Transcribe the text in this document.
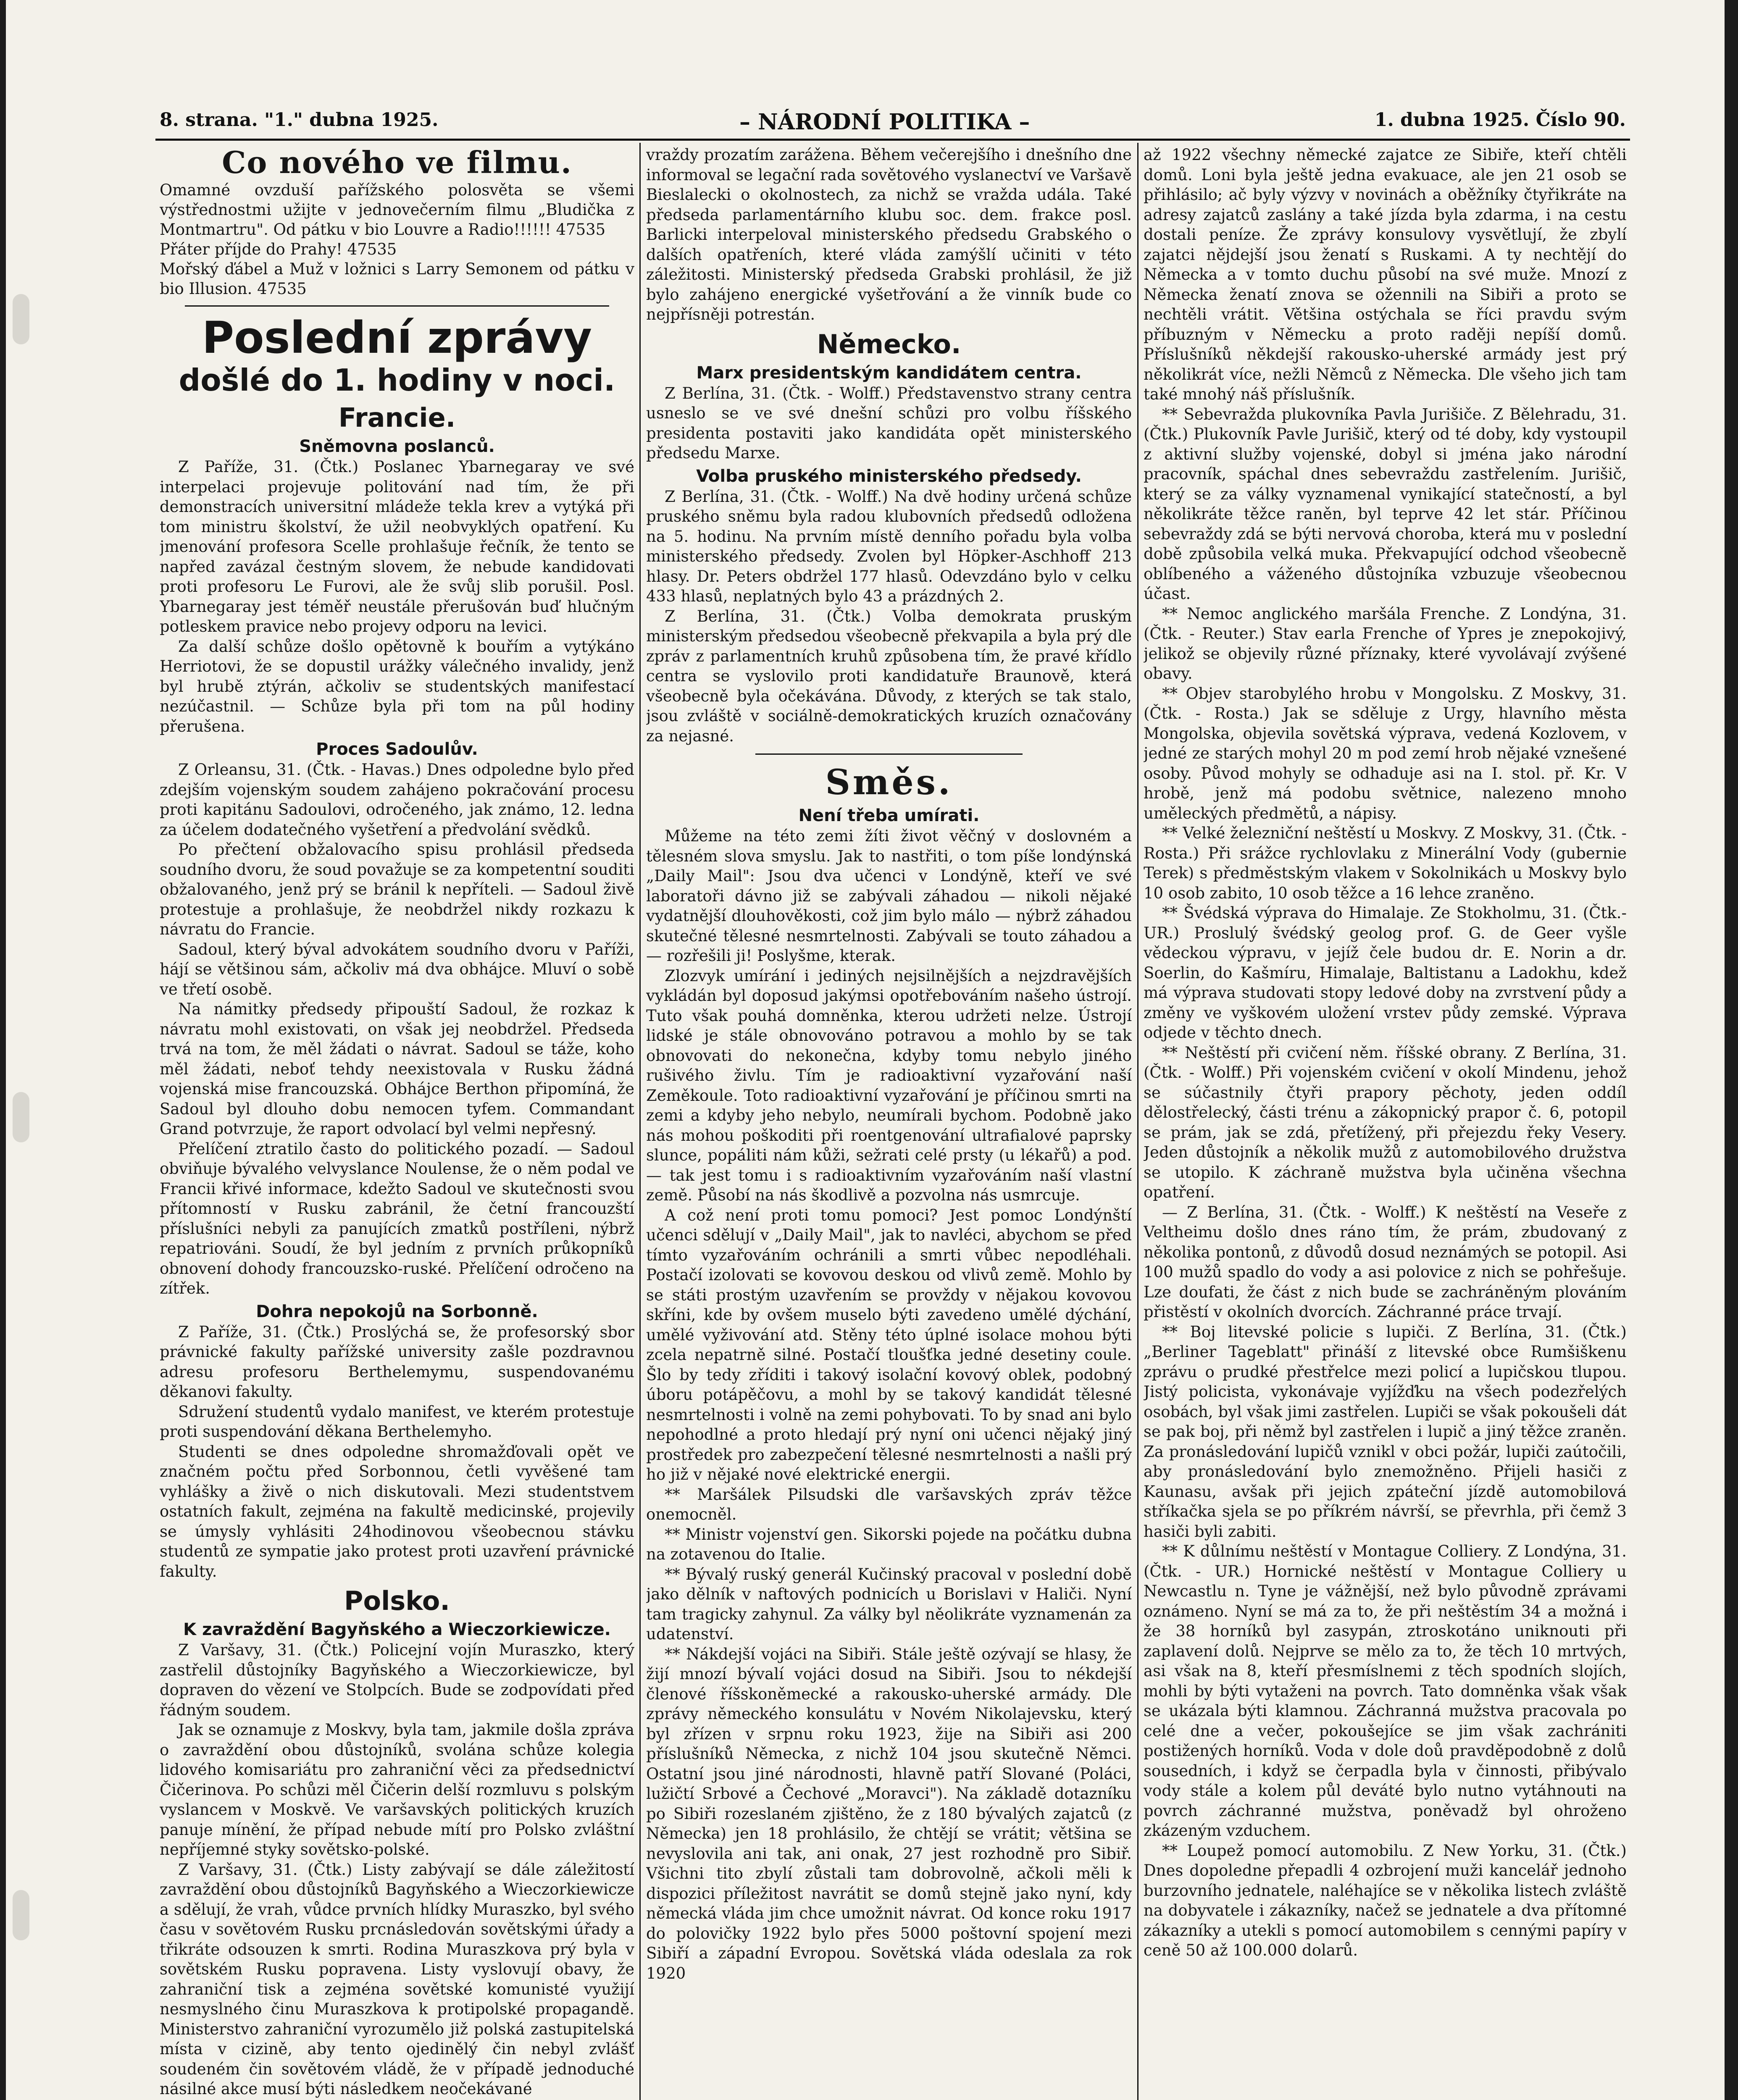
8. strana. "1." dubna 1925.	– NÁRODNÍ POLITIKA –	1. dubna 1925. Číslo 90.

Co nového ve filmu.

Omamné ovzduší pařížského polosvěta se všemi výstřednostmi užijte v jednovečerním filmu „Bludička z Montmartru". Od pátku v bio Louvre a Radio!!!!!! 47535

Přáter příjde do Prahy! 47535

Mořský ďábel a Muž v ložnici s Larry Semonem od pátku v bio Illusion. 47535

Poslední zprávy

došlé do 1. hodiny v noci.

Francie.

Sněmovna poslanců.

Z Paříže, 31. (Čtk.) Poslanec Ybarnegaray ve své interpelaci projevuje politování nad tím, že při demonstracích universitní mládeže tekla krev a vytýká při tom ministru školství, že užil neobvyklých opatření. Ku jmenování profesora Scelle prohlašuje řečník, že tento se napřed zavázal čestným slovem, že nebude kandidovati proti profesoru Le Furovi, ale že svůj slib porušil. Posl. Ybarnegaray jest téměř neustále přerušován buď hlučným potleskem pravice nebo projevy odporu na levici.

Za další schůze došlo opětovně k bouřím a vytýkáno Herriotovi, že se dopustil urážky válečného invalidy, jenž byl hrubě ztýrán, ačkoliv se studentských manifestací nezúčastnil. — Schůze byla při tom na půl hodiny přerušena.

Proces Sadoulův.

Z Orleansu, 31. (Čtk. - Havas.) Dnes odpoledne bylo před zdejším vojenským soudem zahájeno pokračování procesu proti kapitánu Sadoulovi, odročeného, jak známo, 12. ledna za účelem dodatečného vyšetření a předvolání svědků.

Po přečtení obžalovacího spisu prohlásil předseda soudního dvoru, že soud považuje se za kompetentní souditi obžalovaného, jenž prý se bránil k nepříteli. — Sadoul živě protestuje a prohlašuje, že neobdržel nikdy rozkazu k návratu do Francie.

Sadoul, který býval advokátem soudního dvoru v Paříži, hájí se většinou sám, ačkoliv má dva obhájce. Mluví o sobě ve třetí osobě.

Na námitky předsedy připouští Sadoul, že rozkaz k návratu mohl existovati, on však jej neobdržel. Předseda trvá na tom, že měl žádati o návrat. Sadoul se táže, koho měl žádati, neboť tehdy neexistovala v Rusku žádná vojenská mise francouzská. Obhájce Berthon připomíná, že Sadoul byl dlouho dobu nemocen tyfem. Commandant Grand potvrzuje, že raport odvolací byl velmi nepřesný.

Přelíčení ztratilo často do politického pozadí. — Sadoul obviňuje bývalého velvyslance Noulense, že o něm podal ve Francii křivé informace, kdežto Sadoul ve skutečnosti svou přítomností v Rusku zabránil, že četní francouzští příslušníci nebyli za panujících zmatků postříleni, nýbrž repatriováni. Soudí, že byl jedním z prvních průkopníků obnovení dohody francouzsko-ruské. Přelíčení odročeno na zítřek.

Dohra nepokojů na Sorbonně.

Z Paříže, 31. (Čtk.) Proslýchá se, že profesorský sbor právnické fakulty pařížské university zašle pozdravnou adresu profesoru Berthelemymu, suspendovanému děkanovi fakulty.

Sdružení studentů vydalo manifest, ve kterém protestuje proti suspendování děkana Berthelemyho.

Studenti se dnes odpoledne shromažďovali opět ve značném počtu před Sorbonnou, četli vyvěšené tam vyhlášky a živě o nich diskutovali. Mezi studentstvem ostatních fakult, zejména na fakultě medicinské, projevily se úmysly vyhlásiti 24hodinovou všeobecnou stávku studentů ze sympatie jako protest proti uzavření právnické fakulty.

Polsko.

K zavraždění Bagyňského a Wieczorkiewicze.

Z Varšavy, 31. (Čtk.) Policejní vojín Muraszko, který zastřelil důstojníky Bagyňského a Wieczorkiewicze, byl dopraven do vězení ve Stolpcích. Bude se zodpovídati před řádným soudem.

Jak se oznamuje z Moskvy, byla tam, jakmile došla zpráva o zavraždění obou důstojníků, svolána schůze kolegia lidového komisariátu pro zahraniční věci za předsednictví Čičerinova. Po schůzi měl Čičerin delší rozmluvu s polským vyslancem v Moskvě. Ve varšavských politických kruzích panuje mínění, že případ nebude mítí pro Polsko zvláštní nepříjemné styky sovětsko-polské.

Z Varšavy, 31. (Čtk.) Listy zabývají se dále záležitostí zavraždění obou důstojníků Bagyňského a Wieczorkiewicze a sdělují, že vrah, vůdce prvních hlídky Muraszko, byl svého času v sovětovém Rusku prcnásledován sovětskými úřady a třikráte odsouzen k smrti. Rodina Muraszkova prý byla v sovětském Rusku popravena. Listy vyslovují obavy, že zahraniční tisk a zejména sovětské komunisté využijí nesmyslného činu Muraszkova k protipolské propagandě. Ministerstvo zahraniční vyrozumělo již polská zastupitelská místa v cizině, aby tento ojedinělý čin nebyl zvlášť soudeném čin sovětovém vládě, že v případě jednoduché násilné akce musí býti následkem neočekávané

vraždy prozatím zarážena. Během večerejšího i dnešního dne informoval se legační rada sovětového vyslanectví ve Varšavě Bieslalecki o okolnostech, za nichž se vražda udála. Také předseda parlamentárního klubu soc. dem. frakce posl. Barlicki interpeloval ministerského předsedu Grabského o dalších opatřeních, které vláda zamýšlí učiniti v této záležitosti. Ministerský předseda Grabski prohlásil, že již bylo zahájeno energické vyšetřování a že vinník bude co nejpřísněji potrestán.

Německo.

Marx presidentským kandidátem centra.

Z Berlína, 31. (Čtk. - Wolff.) Představenstvo strany centra usneslo se ve své dnešní schůzi pro volbu říšského presidenta postaviti jako kandidáta opět ministerského předsedu Marxe.

Volba pruského ministerského předsedy.

Z Berlína, 31. (Čtk. - Wolff.) Na dvě hodiny určená schůze pruského sněmu byla radou klubovních předsedů odložena na 5. hodinu. Na prvním místě denního pořadu byla volba ministerského předsedy. Zvolen byl Höpker-Aschhoff 213 hlasy. Dr. Peters obdržel 177 hlasů. Odevzdáno bylo v celku 433 hlasů, neplatných bylo 43 a prázdných 2.

Z Berlína, 31. (Čtk.) Volba demokrata pruským ministerským předsedou všeobecně překvapila a byla prý dle zpráv z parlamentních kruhů způsobena tím, že pravé křídlo centra se vyslovilo proti kandidatuře Braunově, která všeobecně byla očekávána. Důvody, z kterých se tak stalo, jsou zvláště v sociálně-demokratických kruzích označovány za nejasné.

Směs.

Není třeba umírati.

Můžeme na této zemi žíti život věčný v doslovném a tělesném slova smyslu. Jak to nastřiti, o tom píše londýnská „Daily Mail": Jsou dva učenci v Londýně, kteří ve své laboratoři dávno již se zabývali záhadou — nikoli nějaké vydatnější dlouhověkosti, což jim bylo málo — nýbrž záhadou skutečné tělesné nesmrtelnosti. Zabývali se touto záhadou a — rozřešili ji! Poslyšme, kterak.

Zlozvyk umírání i jediných nejsilnějších a nejzdravějších vykládán byl doposud jakýmsi opotřebováním našeho ústrojí. Tuto však pouhá domněnka, kterou udržeti nelze. Ústrojí lidské je stále obnovováno potravou a mohlo by se tak obnovovati do nekonečna, kdyby tomu nebylo jiného rušivého živlu. Tím je radioaktivní vyzařování naší Zeměkoule. Toto radioaktivní vyzařování je příčinou smrti na zemi a kdyby jeho nebylo, neumírali bychom. Podobně jako nás mohou poškoditi při roentgenování ultrafialové paprsky slunce, popáliti nám kůži, sežrati celé prsty (u lékařů) a pod. — tak jest tomu i s radioaktivním vyzařováním naší vlastní země. Působí na nás škodlivě a pozvolna nás usmrcuje.

A což není proti tomu pomoci? Jest pomoc Londýnští učenci sdělují v „Daily Mail", jak to navléci, abychom se před tímto vyzařováním ochránili a smrti vůbec nepodléhali. Postačí izolovati se kovovou deskou od vlivů země. Mohlo by se státi prostým uzavřením se provždy v nějakou kovovou skříni, kde by ovšem muselo býti zavedeno umělé dýchání, umělé vyživování atd. Stěny této úplné isolace mohou býti zcela nepatrně silné. Postačí tloušťka jedné desetiny coule. Šlo by tedy zříditi i takový isolační kovový oblek, podobný úboru potápěčovu, a mohl by se takový kandidát tělesné nesmrtelnosti i volně na zemi pohybovati. To by snad ani bylo nepohodlné a proto hledají prý nyní oni učenci nějaký jiný prostředek pro zabezpečení tělesné nesmrtelnosti a našli prý ho již v nějaké nové elektrické energii.

** Maršálek Pilsudski dle varšavských zpráv těžce onemocněl.

** Ministr vojenství gen. Sikorski pojede na počátku dubna na zotavenou do Italie.

** Bývalý ruský generál Kučinský pracoval v poslední době jako dělník v naftových podnicích u Borislavi v Haliči. Nyní tam tragicky zahynul. Za války byl něolikráte vyznamenán za udatenství.

** Nákdejší vojáci na Sibiři. Stále ještě ozývají se hlasy, že žijí mnozí bývalí vojáci dosud na Sibiři. Jsou to nékdejší členové říšskoněmecké a rakousko-uherské armády. Dle zprávy německého konsulátu v Novém Nikolajevsku, který byl zřízen v srpnu roku 1923, žije na Sibiři asi 200 příslušníků Německa, z nichž 104 jsou skutečně Němci. Ostatní jsou jiné národnosti, hlavně patří Slované (Poláci, lužičtí Srbové a Čechové „Moravci"). Na základě dotazníku po Sibiři rozeslaném zjištěno, že z 180 bývalých zajatců (z Německa) jen 18 prohlásilo, že chtějí se vrátit; většina se nevyslovila ani tak, ani onak, 27 jest rozhodně pro Sibiř. Všichni tito zbylí zůstali tam dobrovolně, ačkoli měli k dispozici příležitost navrátit se domů stejně jako nyní, kdy německá vláda jim chce umožnit návrat. Od konce roku 1917 do polovičky 1922 bylo přes 5000 poštovní spojení mezi Sibiří a západní Evropou. Sovětská vláda odeslala za rok 1920

až 1922 všechny německé zajatce ze Sibiře, kteří chtěli domů. Loni byla ještě jedna evakuace, ale jen 21 osob se přihlásilo; ač byly výzvy v novinách a oběžníky čtyřikráte na adresy zajatců zaslány a také jízda byla zdarma, i na cestu dostali peníze. Že zprávy konsulovy vysvětlují, že zbylí zajatci nějdejší jsou ženatí s Ruskami. A ty nechtějí do Německa a v tomto duchu působí na své muže. Mnozí z Německa ženatí znova se ožennili na Sibiři a proto se nechtěli vrátit. Většina ostýchala se říci pravdu svým příbuzným v Německu a proto raději nepíší domů. Příslušníků někdejší rakousko-uherské armády jest prý několikrát více, nežli Němců z Německa. Dle všeho jich tam také mnohý náš příslušník.

** Sebevražda plukovníka Pavla Jurišiče. Z Bělehradu, 31. (Čtk.) Plukovník Pavle Jurišič, který od té doby, kdy vystoupil z aktivní služby vojenské, dobyl si jména jako národní pracovník, spáchal dnes sebevraždu zastřelením. Jurišič, který se za války vyznamenal vynikající statečností, a byl několikráte těžce raněn, byl teprve 42 let stár. Příčinou sebevraždy zdá se býti nervová choroba, která mu v poslední době způsobila velká muka. Překvapující odchod všeobecně oblíbeného a váženého důstojníka vzbuzuje všeobecnou účast.

** Nemoc anglického maršála Frenche. Z Londýna, 31. (Čtk. - Reuter.) Stav earla Frenche of Ypres je znepokojivý, jelikož se objevily různé příznaky, které vyvolávají zvýšené obavy.

** Objev starobylého hrobu v Mongolsku. Z Moskvy, 31. (Čtk. - Rosta.) Jak se sděluje z Urgy, hlavního města Mongolska, objevila sovětská výprava, vedená Kozlovem, v jedné ze starých mohyl 20 m pod zemí hrob nějaké vznešené osoby. Původ mohyly se odhaduje asi na I. stol. př. Kr. V hrobě, jenž má podobu světnice, nalezeno mnoho uměleckých předmětů, a nápisy.

** Velké železniční neštěstí u Moskvy. Z Moskvy, 31. (Čtk. - Rosta.) Při srážce rychlovlaku z Minerální Vody (gubernie Terek) s předměstským vlakem v Sokolnikách u Moskvy bylo 10 osob zabito, 10 osob těžce a 16 lehce zraněno.

** Švédská výprava do Himalaje. Ze Stokholmu, 31. (Čtk.-UR.) Proslulý švédský geolog prof. G. de Geer vyšle vědeckou výpravu, v jejíž čele budou dr. E. Norin a dr. Soerlin, do Kašmíru, Himalaje, Baltistanu a Ladokhu, kdež má výprava studovati stopy ledové doby na zvrstvení půdy a změny ve vyškovém uložení vrstev půdy zemské. Výprava odjede v těchto dnech.

** Neštěstí při cvičení něm. říšské obrany. Z Berlína, 31. (Čtk. - Wolff.) Při vojenském cvičení v okolí Mindenu, jehož se súčastnily čtyři prapory pěchoty, jeden oddíl dělostřelecký, části trénu a zákopnický prapor č. 6, potopil se prám, jak se zdá, přetížený, při přejezdu řeky Vesery. Jeden důstojník a několik mužů z automobilového družstva se utopilo. K záchraně mužstva byla učiněna všechna opatření.

— Z Berlína, 31. (Čtk. - Wolff.) K neštěstí na Veseře z Veltheimu došlo dnes ráno tím, že prám, zbudovaný z několika pontonů, z důvodů dosud neznámých se potopil. Asi 100 mužů spadlo do vody a asi polovice z nich se pohřešuje. Lze doufati, že část z nich bude se zachráněným plováním přistěstí v okolních dvorcích. Záchranné práce trvají.

** Boj litevské policie s lupiči. Z Berlína, 31. (Čtk.) „Berliner Tageblatt" přináší z litevské obce Rumšiškenu zprávu o prudké přestřelce mezi policí a lupičskou tlupou. Jistý policista, vykonávaje vyjížďku na všech podezřelých osobách, byl však jimi zastřelen. Lupiči se však pokoušeli dát se pak boj, při němž byl zastřelen i lupič a jiný těžce zraněn. Za pronásledování lupičů vznikl v obci požár, lupiči zaútočili, aby pronásledování bylo znemožněno. Přijeli hasiči z Kaunasu, avšak při jejich zpáteční jízdě automobilová stříkačka sjela se po příkrém návrší, se převrhla, při čemž 3 hasiči byli zabiti.

** K důlnímu neštěstí v Montague Colliery. Z Londýna, 31. (Čtk. - UR.) Hornické neštěstí v Montague Colliery u Newcastlu n. Tyne je vážnější, než bylo původně zprávami oznámeno. Nyní se má za to, že při neštěstím 34 a možná i že 38 horníků byl zasypán, ztroskotáno uniknouti při zaplavení dolů. Nejprve se mělo za to, že těch 10 mrtvých, asi však na 8, kteří přesmíslnemi z těch spodních slojích, mohli by býti vytaženi na povrch. Tato domněnka však však se ukázala býti klamnou. Záchranná mužstva pracovala po celé dne a večer, pokoušejíce se jim však zachrániti postižených horníků. Voda v dole doů pravděpodobně z dolů sousedních, i když se čerpadla byla v činnosti, přibývalo vody stále a kolem půl deváté bylo nutno vytáhnouti na povrch záchranné mužstva, poněvadž byl ohroženo zkázeným vzduchem.

** Loupež pomocí automobilu. Z New Yorku, 31. (Čtk.) Dnes dopoledne přepadli 4 ozbrojení muži kancelář jednoho burzovního jednatele, naléhajíce se v několika listech zvláště na dobyvatele i zákazníky, načež se jednatele a dva přítomné zákazníky a utekli s pomocí automobilem s cennými papíry v ceně 50 až 100.000 dolarů.
